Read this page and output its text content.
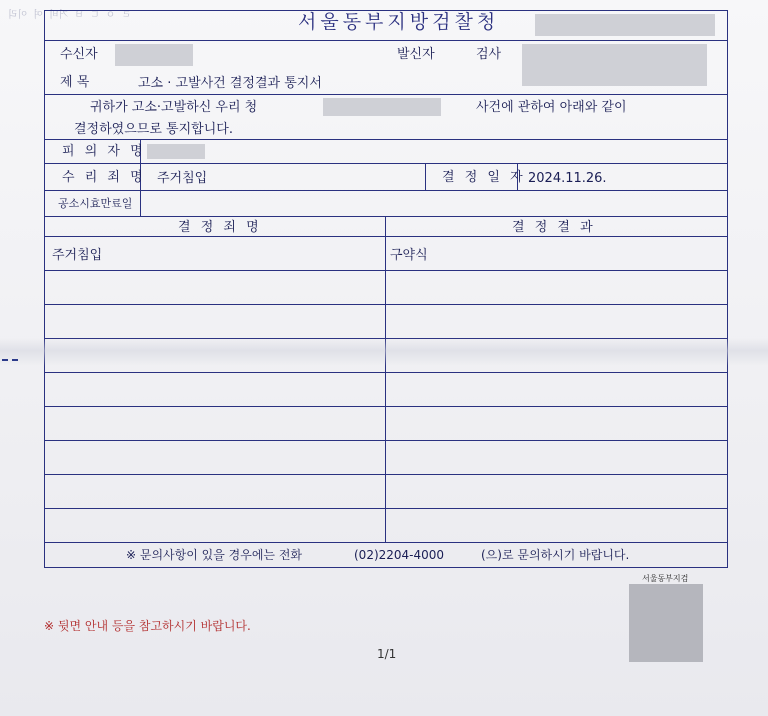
ㄹ ㅇ ㄷ ㅂ 거비 여 이리	서울동부지방검찰청
수신자	발신자	검사
제 목	고소 · 고발사건 결정결과 통지서
귀하가 고소·고발하신 우리 청	사건에 관하여 아래와 같이
결정하였으므로 통지합니다.
피 의 자 명
수 리 죄 명 주거침입	결 정 일 자 2024.11.26.
공소시효만료일
결 정 죄 명	결 정 결 과
주거침입	구약식
※ 문의사항이 있을 경우에는 전화	(02)2204-4000	(으)로 문의하시기 바랍니다.
서울동부지검
※ 뒷면 안내 등을 참고하시기 바랍니다.
1/1
